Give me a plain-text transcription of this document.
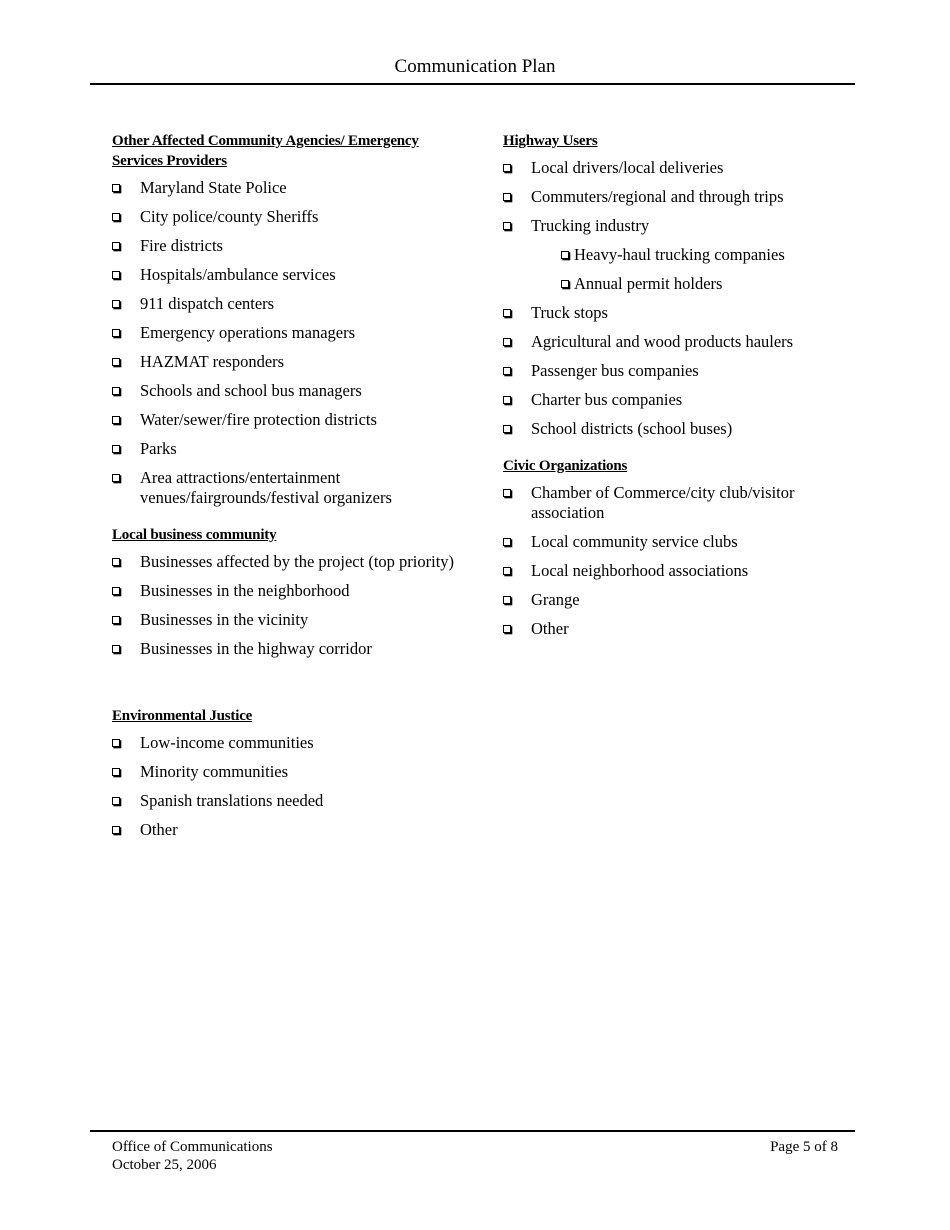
Communication Plan
Other Affected Community Agencies/ Emergency Services Providers
Maryland State Police
City police/county Sheriffs
Fire districts
Hospitals/ambulance services
911 dispatch centers
Emergency operations managers
HAZMAT responders
Schools and school bus managers
Water/sewer/fire protection districts
Parks
Area attractions/entertainment venues/fairgrounds/festival organizers
Local business community
Businesses affected by the project (top priority)
Businesses in the neighborhood
Businesses in the vicinity
Businesses in the highway corridor
Environmental Justice
Low-income communities
Minority communities
Spanish translations needed
Other
Highway Users
Local drivers/local deliveries
Commuters/regional and through trips
Trucking industry
Heavy-haul trucking companies
Annual permit holders
Truck stops
Agricultural and wood products haulers
Passenger bus companies
Charter bus companies
School districts (school buses)
Civic Organizations
Chamber of Commerce/city club/visitor association
Local community service clubs
Local neighborhood associations
Grange
Other
Office of Communications
October 25, 2006
Page 5 of 8
